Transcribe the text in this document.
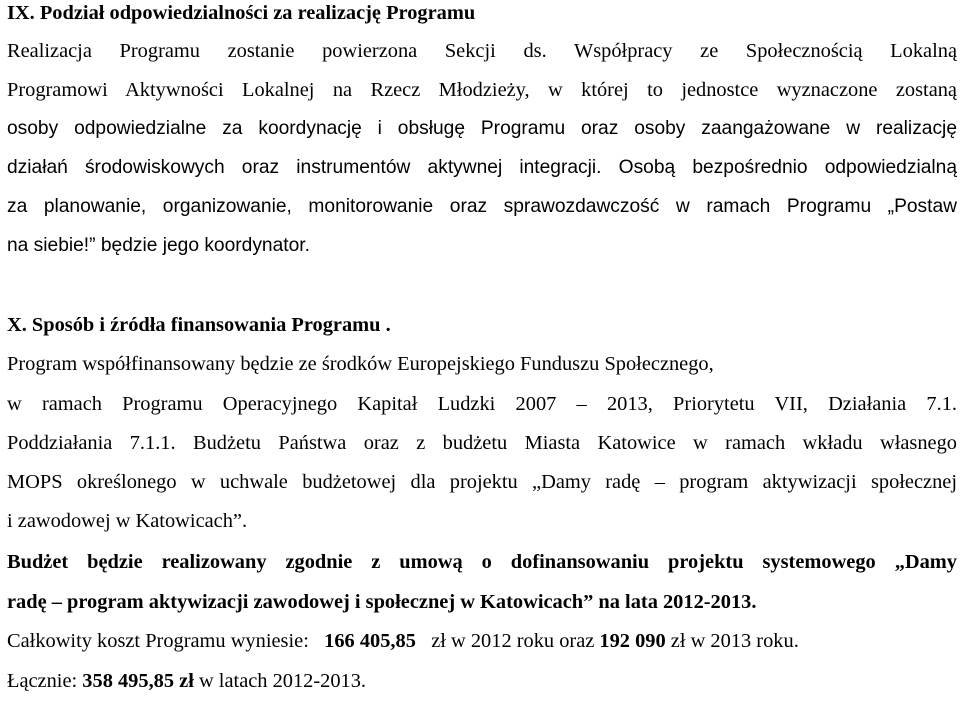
IX. Podział odpowiedzialności za realizację Programu
Realizacja Programu zostanie powierzona Sekcji ds. Współpracy ze Społecznością Lokalną
Programowi Aktywności Lokalnej na Rzecz Młodzieży, w której to jednostce wyznaczone zostaną
osoby odpowiedzialne za koordynację i obsługę Programu oraz osoby zaangażowane w realizację
działań środowiskowych oraz instrumentów aktywnej integracji. Osobą bezpośrednio odpowiedzialną
za planowanie, organizowanie, monitorowanie oraz sprawozdawczość w ramach Programu „Postaw
na siebie!” będzie jego koordynator.
X. Sposób i źródła finansowania Programu .
Program współfinansowany będzie ze środków Europejskiego Funduszu Społecznego,
w ramach Programu Operacyjnego Kapitał Ludzki 2007 – 2013, Priorytetu VII, Działania 7.1.
Poddziałania 7.1.1. Budżetu Państwa oraz z budżetu Miasta Katowice w ramach wkładu własnego
MOPS określonego w uchwale budżetowej dla projektu „Damy radę – program aktywizacji społecznej
i zawodowej w Katowicach”.
Budżet będzie realizowany zgodnie z umową o dofinansowaniu projektu systemowego „Damy
radę – program aktywizacji zawodowej i społecznej w Katowicach” na lata 2012-2013.
Całkowity koszt Programu wyniesie: 166 405,85 zł w 2012 roku oraz 192 090 zł w 2013 roku.
Łącznie: 358 495,85 zł w latach 2012-2013.
